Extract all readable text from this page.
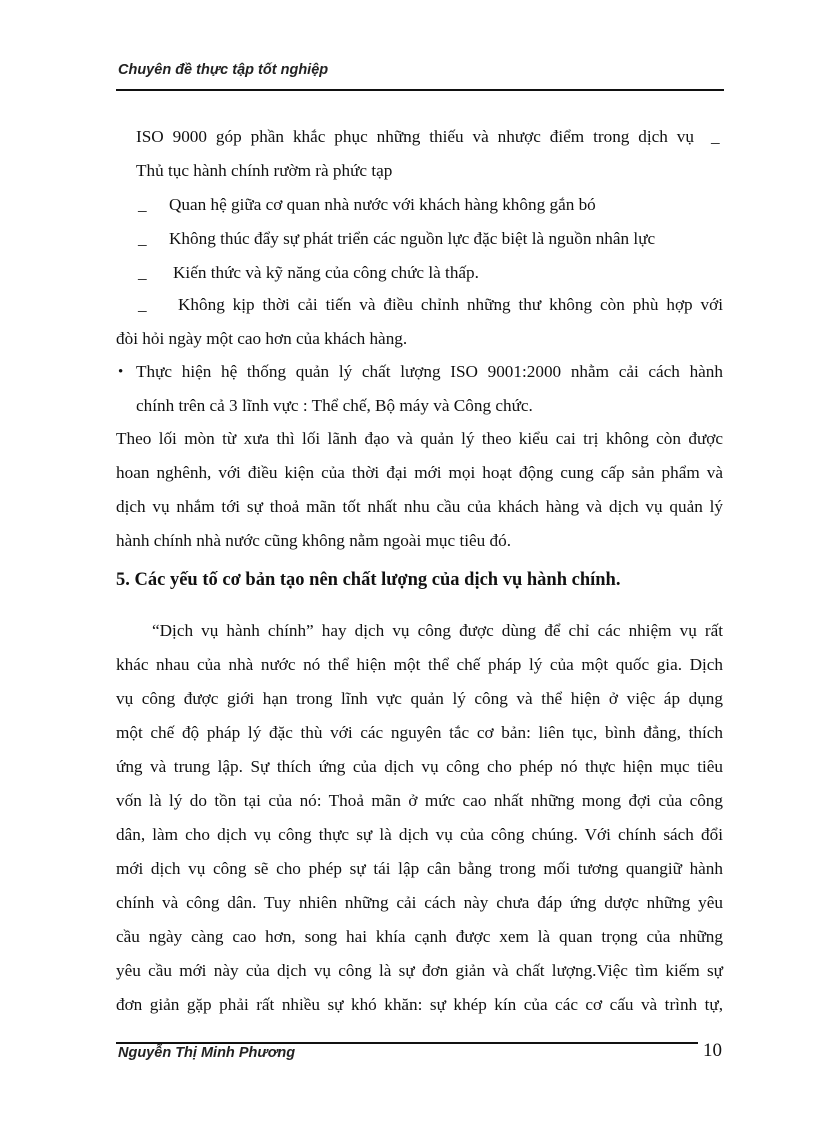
Chuyên đề thực tập tốt nghiệp
ISO 9000 góp phần khắc phục những thiếu và nhược điểm trong dịch vụ _
Thủ tục hành chính rườm rà phức tạp
_ Quan hệ giữa cơ quan nhà nước với khách hàng không gắn bó
_ Không thúc đẩy sự phát triển các nguồn lực đặc biệt là nguồn nhân lực
_ Kiến thức và kỹ năng của công chức là thấp.
_ Không kịp thời cải tiến và điều chỉnh những thư không còn phù hợp với
đòi hỏi ngày một cao hơn của khách hàng.
• Thực hiện hệ thống quản lý chất lượng ISO 9001:2000 nhằm cải cách hành
chính trên cả 3 lĩnh vực : Thể chế, Bộ máy và Công chức.
Theo lối mòn từ xưa thì lối lãnh đạo và quản lý theo kiểu cai trị không còn được
hoan nghênh, với điều kiện của thời đại mới mọi hoạt động cung cấp sản phẩm và
dịch vụ nhắm tới sự thoả mãn tốt nhất nhu cầu của khách hàng và dịch vụ quản lý
hành chính nhà nước cũng không nằm ngoài mục tiêu đó.
5. Các yếu tố cơ bản tạo nên chất lượng của dịch vụ hành chính.
“Dịch vụ hành chính” hay dịch vụ công được dùng để chỉ các nhiệm vụ rất
khác nhau của nhà nước nó thể hiện một thể chế pháp lý của một quốc gia. Dịch
vụ công được giới hạn trong lĩnh vực quản lý công và thể hiện ở việc áp dụng
một chế độ pháp lý đặc thù với các nguyên tắc cơ bản: liên tục, bình đẳng, thích
ứng và trung lập. Sự thích ứng của dịch vụ công cho phép nó thực hiện mục tiêu
vốn là lý do tồn tại của nó: Thoả mãn ở mức cao nhất những mong đợi của công
dân, làm cho dịch vụ công thực sự là dịch vụ của công chúng. Với chính sách đổi
mới dịch vụ công sẽ cho phép sự tái lập cân bằng trong mối tương quangiữ hành
chính và công dân. Tuy nhiên những cải cách này chưa đáp ứng dược những yêu
cầu ngày càng cao hơn, song hai khía cạnh được xem là quan trọng của những
yêu cầu mới này của dịch vụ công là sự đơn giản và chất lượng.Việc tìm kiếm sự
đơn giản gặp phải rất nhiều sự khó khăn: sự khép kín của các cơ cấu và trình tự,
Nguyễn Thị Minh Phương	10
